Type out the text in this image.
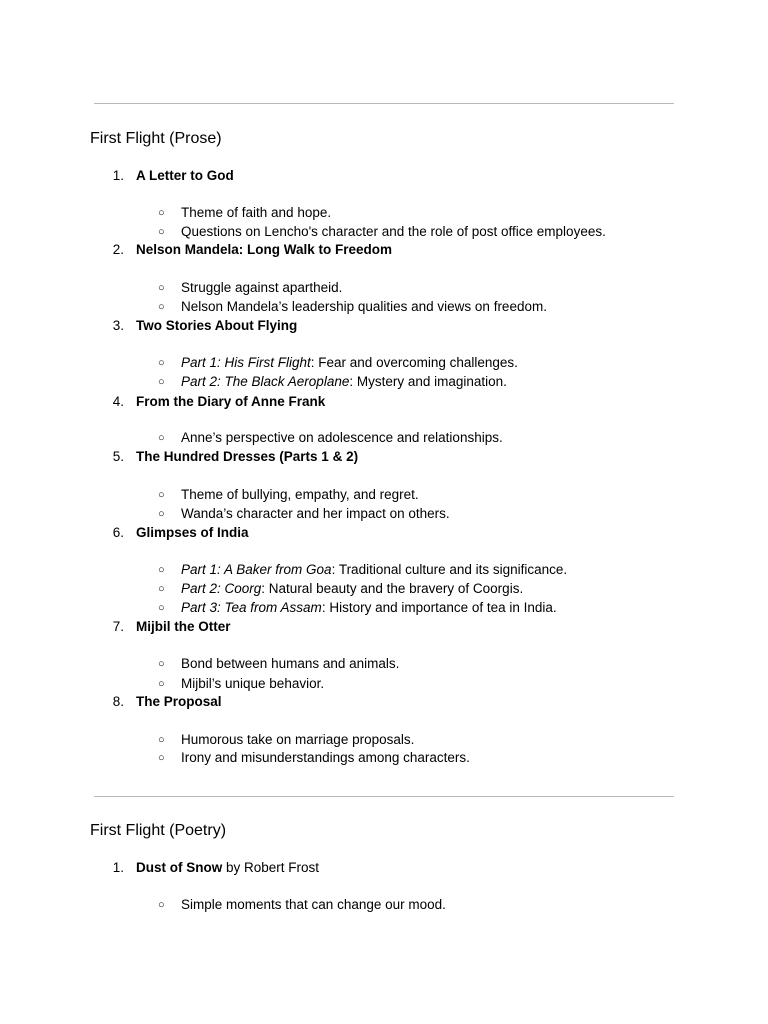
First Flight (Prose)
1. A Letter to God
○ Theme of faith and hope.
○ Questions on Lencho's character and the role of post office employees.
2. Nelson Mandela: Long Walk to Freedom
○ Struggle against apartheid.
○ Nelson Mandela’s leadership qualities and views on freedom.
3. Two Stories About Flying
○ Part 1: His First Flight: Fear and overcoming challenges.
○ Part 2: The Black Aeroplane: Mystery and imagination.
4. From the Diary of Anne Frank
○ Anne’s perspective on adolescence and relationships.
5. The Hundred Dresses (Parts 1 & 2)
○ Theme of bullying, empathy, and regret.
○ Wanda’s character and her impact on others.
6. Glimpses of India
○ Part 1: A Baker from Goa: Traditional culture and its significance.
○ Part 2: Coorg: Natural beauty and the bravery of Coorgis.
○ Part 3: Tea from Assam: History and importance of tea in India.
7. Mijbil the Otter
○ Bond between humans and animals.
○ Mijbil’s unique behavior.
8. The Proposal
○ Humorous take on marriage proposals.
○ Irony and misunderstandings among characters.
First Flight (Poetry)
1. Dust of Snow by Robert Frost
○ Simple moments that can change our mood.
